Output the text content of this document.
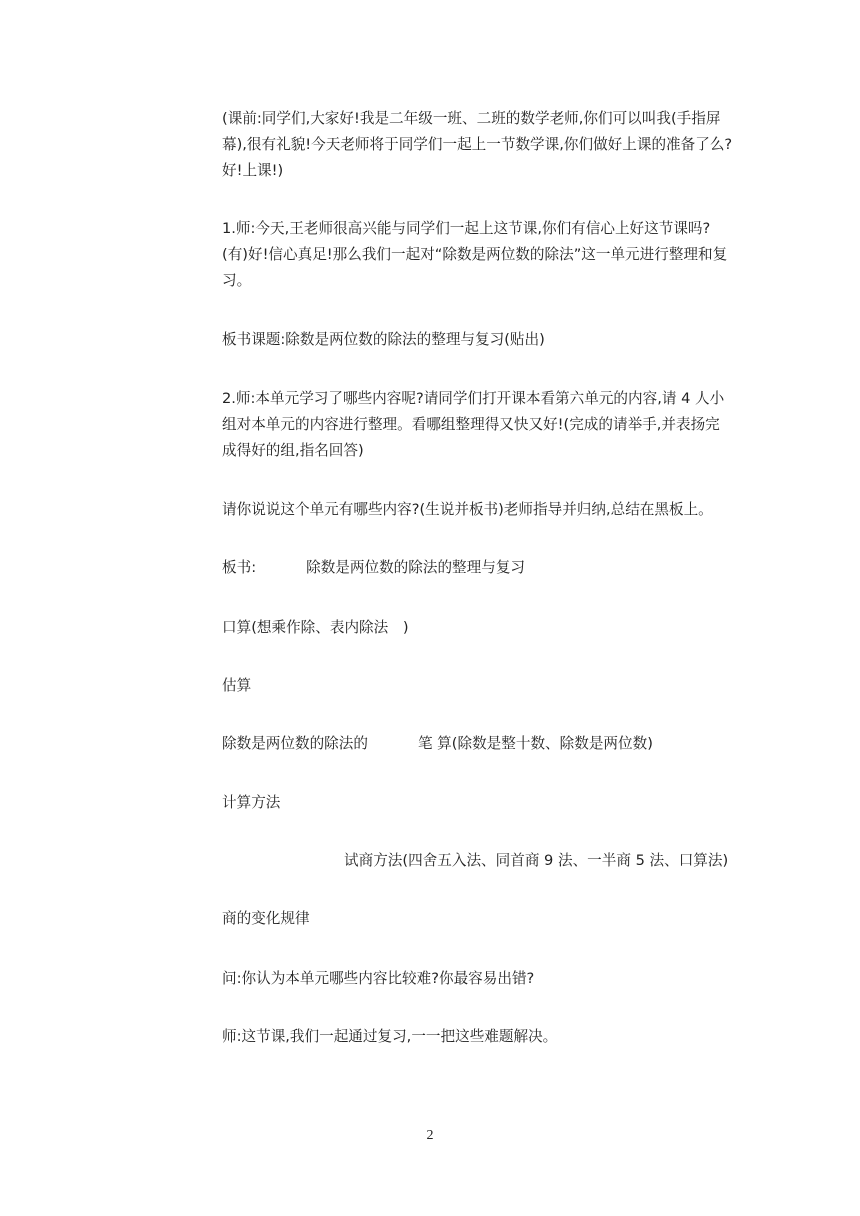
(课前:同学们,大家好!我是二年级一班、二班的数学老师,你们可以叫我(手指屏幕),很有礼貌!今天老师将于同学们一起上一节数学课,你们做好上课的准备了么?好!上课!)

1.师:今天,王老师很高兴能与同学们一起上这节课,你们有信心上好这节课吗?(有)好!信心真足!那么我们一起对“除数是两位数的除法”这一单元进行整理和复习。

板书课题:除数是两位数的除法的整理与复习(贴出)

2.师:本单元学习了哪些内容呢?请同学们打开课本看第六单元的内容,请 4 人小组对本单元的内容进行整理。看哪组整理得又快又好!(完成的请举手,并表扬完成得好的组,指名回答)

请你说说这个单元有哪些内容?(生说并板书)老师指导并归纳,总结在黑板上。

板书:	除数是两位数的除法的整理与复习

口算(想乘作除、表内除法　)

估算

除数是两位数的除法的	笔 算(除数是整十数、除数是两位数)

计算方法

试商方法(四舍五入法、同首商 9 法、一半商 5 法、口算法)

商的变化规律

问:你认为本单元哪些内容比较难?你最容易出错?

师:这节课,我们一起通过复习,一一把这些难题解决。

2
